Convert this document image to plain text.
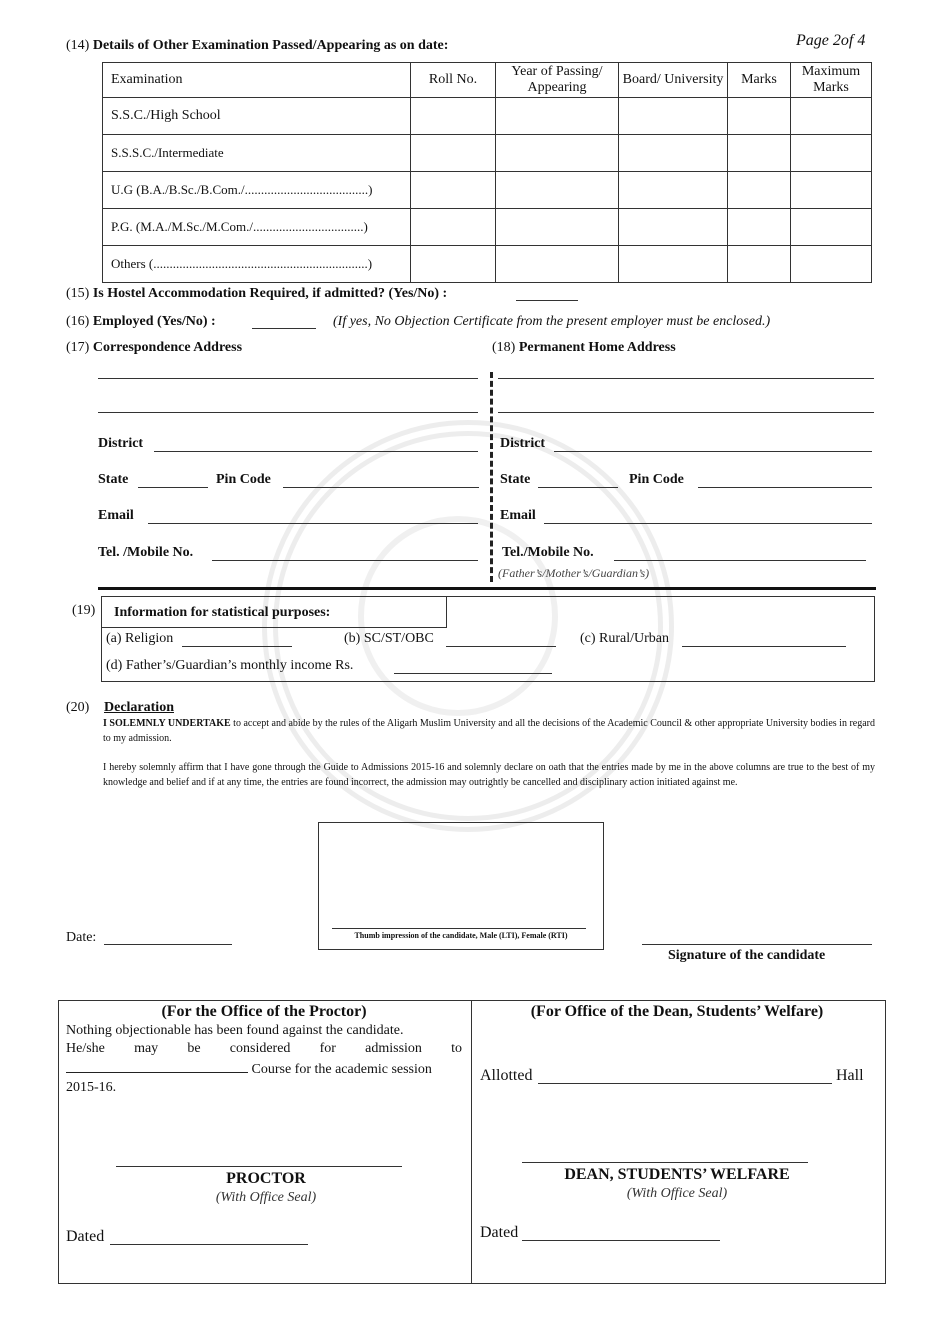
Page 2of 4
(14) Details of Other Examination Passed/Appearing as on date:
Examination	Roll No.	Year of Passing/ Appearing	Board/ University	Marks	Maximum Marks
S.S.C./High School					
S.S.S.C./Intermediate					
U.G (B.A./B.Sc./B.Com./......................................)					
P.G. (M.A./M.Sc./M.Com./..................................)					
Others (..................................................................)					
(15) Is Hostel Accommodation Required, if admitted? (Yes/No) :
(16) Employed (Yes/No) :	(If yes, No Objection Certificate from the present employer must be enclosed.)
(17) Correspondence Address	(18) Permanent Home Address
District
State	Pin Code
Email
Tel. /Mobile No.
District
State	Pin Code
Email
Tel./Mobile No.
(Father’s/Mother’s/Guardian’s)
(19) Information for statistical purposes:
(a) Religion	(b) SC/ST/OBC	(c) Rural/Urban
(d) Father’s/Guardian’s monthly income Rs.
(20) Declaration
I SOLEMNLY UNDERTAKE to accept and abide by the rules of the Aligarh Muslim University and all the decisions of the Academic Council & other appropriate University bodies in regard to my admission.
I hereby solemnly affirm that I have gone through the Guide to Admissions 2015-16 and solemnly declare on oath that the entries made by me in the above columns are true to the best of my knowledge and belief and if at any time, the entries are found incorrect, the admission may outrightly be cancelled and disciplinary action initiated against me.
Thumb impression of the candidate, Male (LTI), Female (RTI)
Date:
Signature of the candidate
(For the Office of the Proctor)
Nothing objectionable has been found against the candidate.
He/she may be considered for admission to
Course for the academic session
2015-16.
PROCTOR
(With Office Seal)
Dated
(For Office of the Dean, Students’ Welfare)
Allotted	Hall
DEAN, STUDENTS’ WELFARE
(With Office Seal)
Dated
